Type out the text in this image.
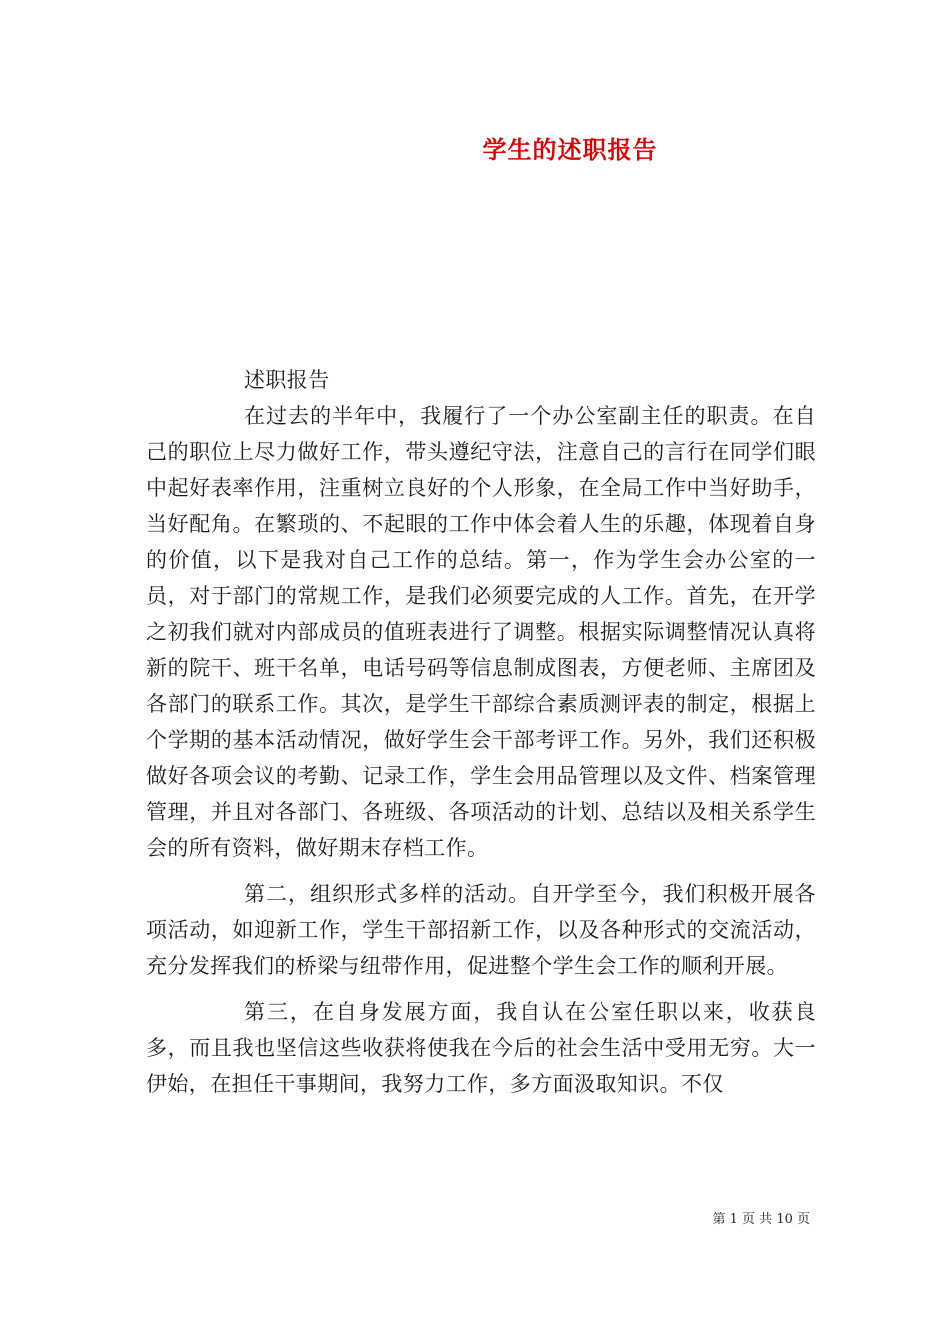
学生的述职报告

述职报告

在过去的半年中，我履行了一个办公室副主任的职责。在自己的职位上尽力做好工作，带头遵纪守法，注意自己的言行在同学们眼中起好表率作用，注重树立良好的个人形象，在全局工作中当好助手，当好配角。在繁琐的、不起眼的工作中体会着人生的乐趣，体现着自身的价值，以下是我对自己工作的总结。第一，作为学生会办公室的一员，对于部门的常规工作，是我们必须要完成的人工作。首先，在开学之初我们就对内部成员的值班表进行了调整。根据实际调整情况认真将新的院干、班干名单，电话号码等信息制成图表，方便老师、主席团及各部门的联系工作。其次，是学生干部综合素质测评表的制定，根据上个学期的基本活动情况，做好学生会干部考评工作。另外，我们还积极做好各项会议的考勤、记录工作，学生会用品管理以及文件、档案管理管理，并且对各部门、各班级、各项活动的计划、总结以及相关系学生会的所有资料，做好期末存档工作。

第二，组织形式多样的活动。自开学至今，我们积极开展各项活动，如迎新工作，学生干部招新工作，以及各种形式的交流活动，充分发挥我们的桥梁与纽带作用，促进整个学生会工作的顺利开展。

第三，在自身发展方面，我自认在公室任职以来，收获良多，而且我也坚信这些收获将使我在今后的社会生活中受用无穷。大一伊始，在担任干事期间，我努力工作，多方面汲取知识。不仅

第 1 页 共 10 页
